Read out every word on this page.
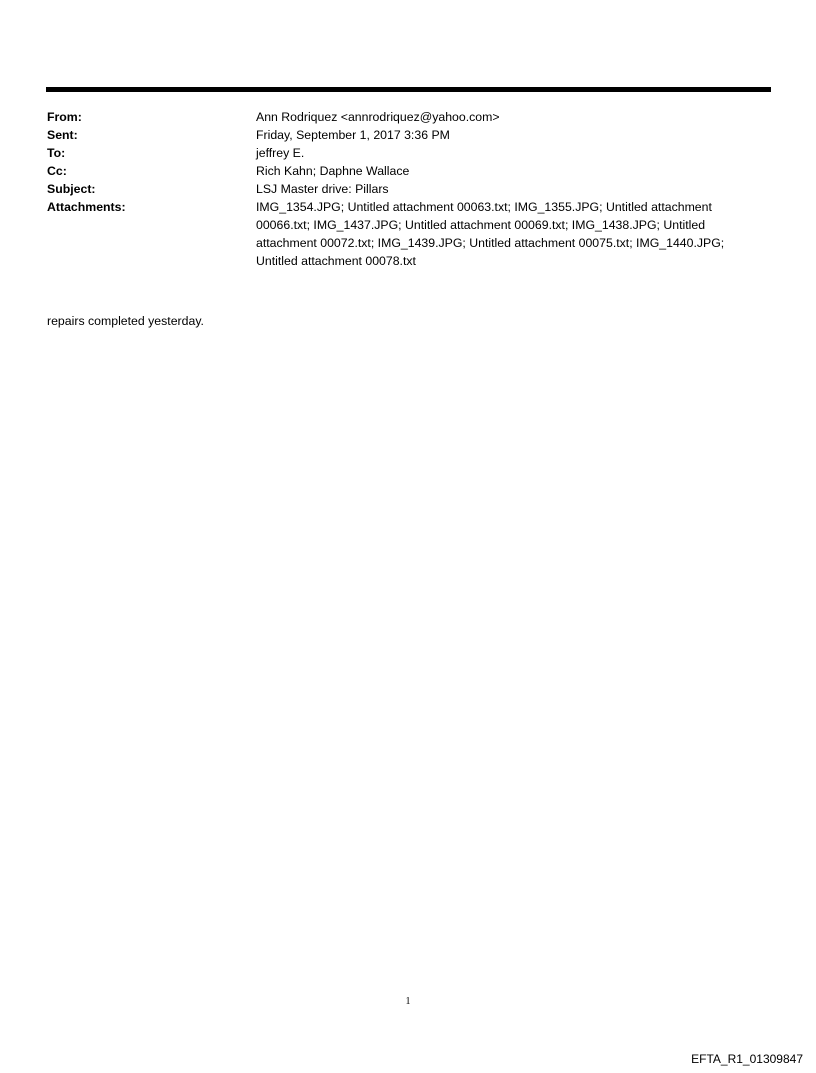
From:	Ann Rodriquez <annrodriquez@yahoo.com>
Sent:	Friday, September 1, 2017 3:36 PM
To:	jeffrey E.
Cc:	Rich Kahn; Daphne Wallace
Subject:	LSJ Master drive: Pillars
Attachments:	IMG_1354.JPG; Untitled attachment 00063.txt; IMG_1355.JPG; Untitled attachment 00066.txt; IMG_1437.JPG; Untitled attachment 00069.txt; IMG_1438.JPG; Untitled attachment 00072.txt; IMG_1439.JPG; Untitled attachment 00075.txt; IMG_1440.JPG; Untitled attachment 00078.txt
repairs completed yesterday.
1
EFTA_R1_01309847
